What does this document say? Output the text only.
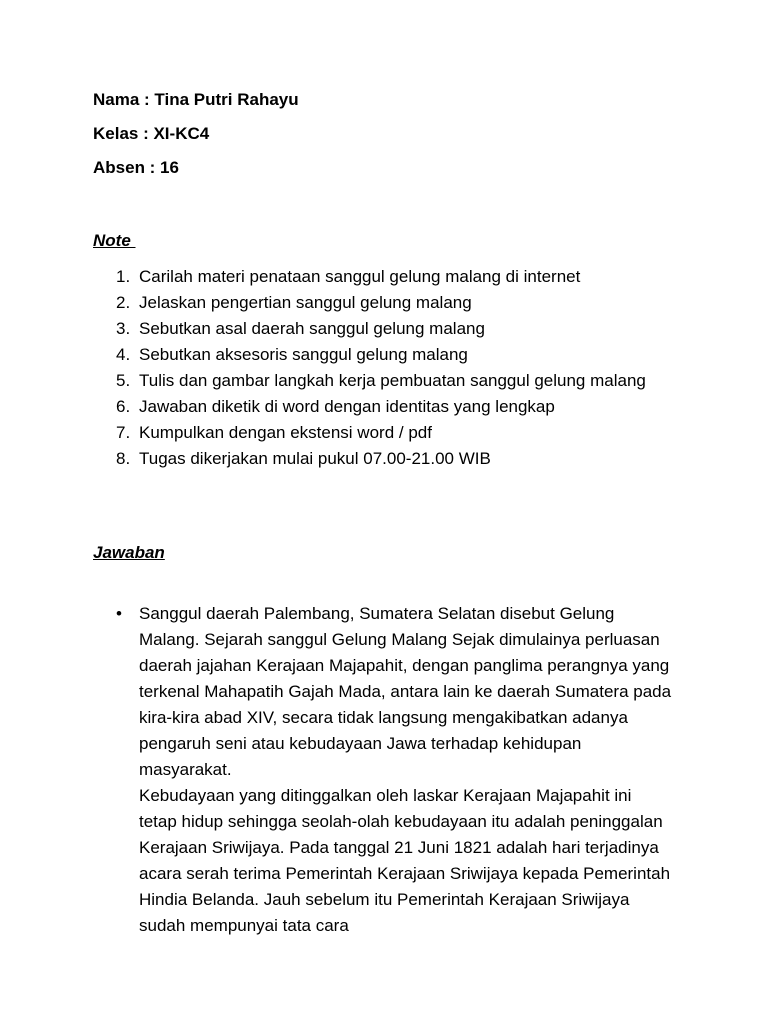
Nama : Tina Putri Rahayu
Kelas : XI-KC4
Absen : 16
Note
1. Carilah materi penataan sanggul gelung malang di internet
2. Jelaskan pengertian sanggul gelung malang
3. Sebutkan asal daerah sanggul gelung malang
4. Sebutkan aksesoris sanggul gelung malang
5. Tulis dan gambar langkah kerja pembuatan sanggul gelung malang
6. Jawaban diketik di word dengan identitas yang lengkap
7. Kumpulkan dengan ekstensi word / pdf
8. Tugas dikerjakan mulai pukul 07.00-21.00 WIB
Jawaban
• Sanggul daerah Palembang, Sumatera Selatan disebut Gelung Malang. Sejarah sanggul Gelung Malang Sejak dimulainya perluasan daerah jajahan Kerajaan Majapahit, dengan panglima perangnya yang terkenal Mahapatih Gajah Mada, antara lain ke daerah Sumatera pada kira-kira abad XIV, secara tidak langsung mengakibatkan adanya pengaruh seni atau kebudayaan Jawa terhadap kehidupan masyarakat.
Kebudayaan yang ditinggalkan oleh laskar Kerajaan Majapahit ini tetap hidup sehingga seolah-olah kebudayaan itu adalah peninggalan Kerajaan Sriwijaya. Pada tanggal 21 Juni 1821 adalah hari terjadinya acara serah terima Pemerintah Kerajaan Sriwijaya kepada Pemerintah Hindia Belanda. Jauh sebelum itu Pemerintah Kerajaan Sriwijaya sudah mempunyai tata cara
